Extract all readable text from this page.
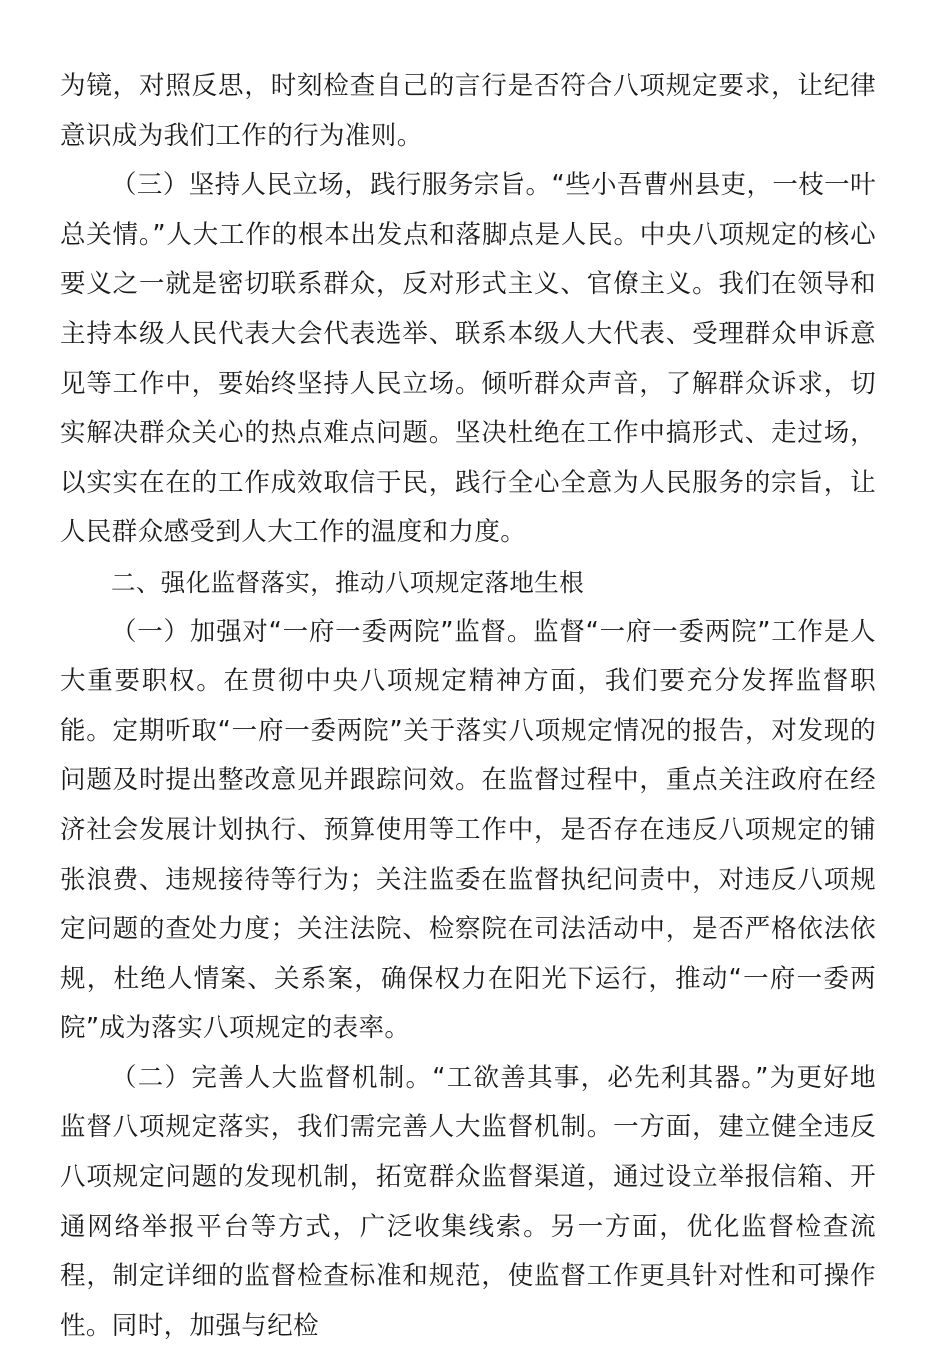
为镜，对照反思，时刻检查自己的言行是否符合八项规定要求，让纪律意识成为我们工作的行为准则。

（三）坚持人民立场，践行服务宗旨。“些小吾曹州县吏，一枝一叶总关情。”人大工作的根本出发点和落脚点是人民。中央八项规定的核心要义之一就是密切联系群众，反对形式主义、官僚主义。我们在领导和主持本级人民代表大会代表选举、联系本级人大代表、受理群众申诉意见等工作中，要始终坚持人民立场。倾听群众声音，了解群众诉求，切实解决群众关心的热点难点问题。坚决杜绝在工作中搞形式、走过场，以实实在在的工作成效取信于民，践行全心全意为人民服务的宗旨，让人民群众感受到人大工作的温度和力度。

二、强化监督落实，推动八项规定落地生根

（一）加强对“一府一委两院”监督。监督“一府一委两院”工作是人大重要职权。在贯彻中央八项规定精神方面，我们要充分发挥监督职能。定期听取“一府一委两院”关于落实八项规定情况的报告，对发现的问题及时提出整改意见并跟踪问效。在监督过程中，重点关注政府在经济社会发展计划执行、预算使用等工作中，是否存在违反八项规定的铺张浪费、违规接待等行为；关注监委在监督执纪问责中，对违反八项规定问题的查处力度；关注法院、检察院在司法活动中，是否严格依法依规，杜绝人情案、关系案，确保权力在阳光下运行，推动“一府一委两院”成为落实八项规定的表率。

（二）完善人大监督机制。“工欲善其事，必先利其器。”为更好地监督八项规定落实，我们需完善人大监督机制。一方面，建立健全违反八项规定问题的发现机制，拓宽群众监督渠道，通过设立举报信箱、开通网络举报平台等方式，广泛收集线索。另一方面，优化监督检查流程，制定详细的监督检查标准和规范，使监督工作更具针对性和可操作性。同时，加强与纪检
